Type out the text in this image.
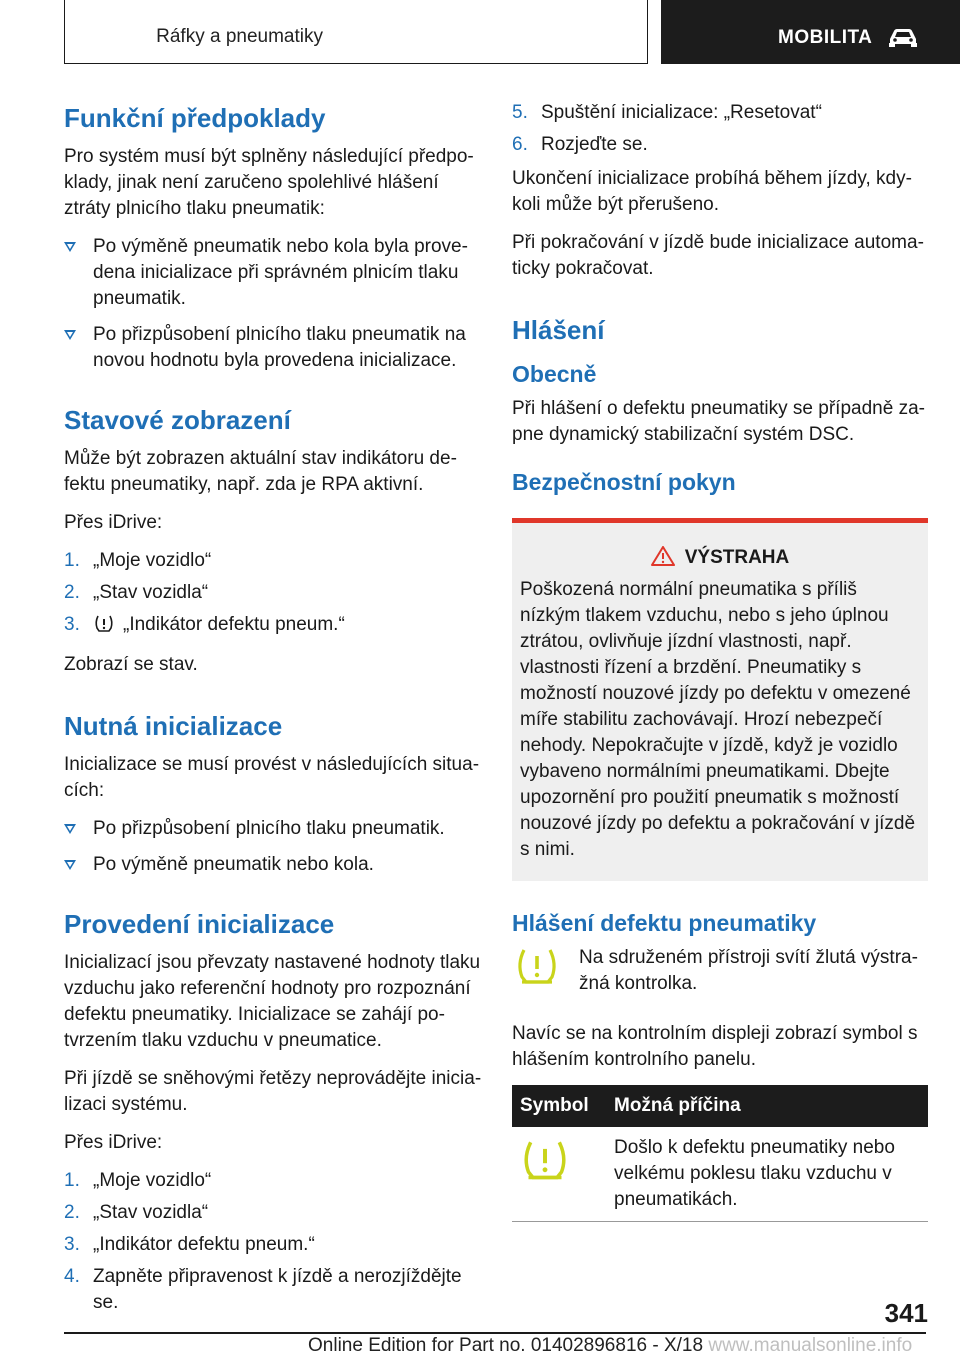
Ráfky a pneumatiky	MOBILITA
Funkční předpoklady

Pro systém musí být splněny následující předpoklady, jinak není zaručeno spolehlivé hlášení ztráty plnicího tlaku pneumatik:

Po výměně pneumatik nebo kola byla provedena inicializace při správném plnicím tlaku pneumatik.
Po přizpůsobení plnicího tlaku pneumatik na novou hodnotu byla provedena inicializace.
Stavové zobrazení

Může být zobrazen aktuální stav indikátoru defektu pneumatiky, např. zda je RPA aktivní.

Přes iDrive:

1. „Moje vozidlo“
2. „Stav vozidla“
3. „Indikátor defektu pneum.“

Zobrazí se stav.

Nutná inicializace

Inicializace se musí provést v následujících situacích:

Po přizpůsobení plnicího tlaku pneumatik.
Po výměně pneumatik nebo kola.
Provedení inicializace

Inicializací jsou převzaty nastavené hodnoty tlaku vzduchu jako referenční hodnoty pro rozpoznání defektu pneumatiky. Inicializace se zahájí potvrzením tlaku vzduchu v pneumatice.

Při jízdě se sněhovými řetězy neprovádějte inicializaci systému.

Přes iDrive:

1. „Moje vozidlo“
2. „Stav vozidla“
3. „Indikátor defektu pneum.“
4. Zapněte připravenost k jízdě a nerozjíždějte se.
5. Spuštění inicializace: „Resetovat“
6. Rozjeďte se.

Ukončení inicializace probíhá během jízdy, kdykoli může být přerušeno.

Při pokračování v jízdě bude inicializace automaticky pokračovat.

Hlášení
Obecně

Při hlášení o defektu pneumatiky se případně zapne dynamický stabilizační systém DSC.

Bezpečnostní pokyn
VÝSTRAHA

Poškozená normální pneumatika s příliš nízkým tlakem vzduchu, nebo s jeho úplnou ztrátou, ovlivňuje jízdní vlastnosti, např. vlastnosti řízení a brzdění. Pneumatiky s možností nouzové jízdy po defektu v omezené míře stabilitu zachovávají. Hrozí nebezpečí nehody. Nepokračujte v jízdě, když je vozidlo vybaveno normálními pneumatikami. Dbejte upozornění pro použití pneumatik s možností nouzové jízdy po defektu a pokračování v jízdě s nimi.

Hlášení defektu pneumatiky

Na sdruženém přístroji svítí žlutá výstražná kontrolka.

Navíc se na kontrolním displeji zobrazí symbol s hlášením kontrolního panelu.

Symbol	Možná příčina
	Došlo k defektu pneumatiky nebo velkému poklesu tlaku vzduchu v pneumatikách.
341
Online Edition for Part no. 01402896816 - X/18 www.manualsonline.info
